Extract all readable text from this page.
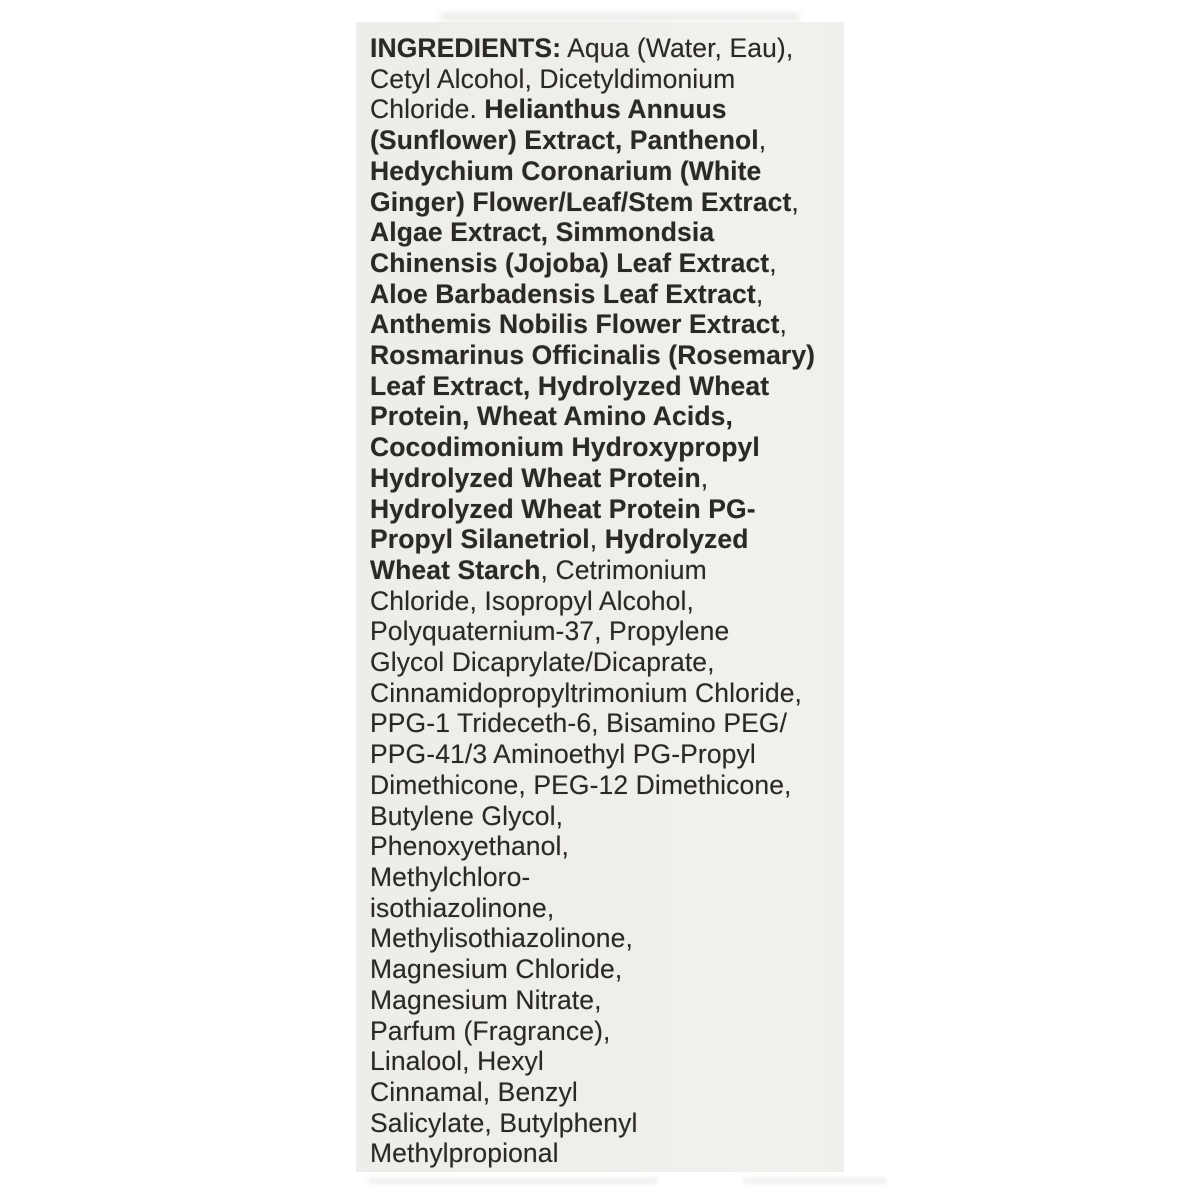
INGREDIENTS: Aqua (Water, Eau),
Cetyl Alcohol, Dicetyldimonium
Chloride. Helianthus Annuus
(Sunflower) Extract, Panthenol,
Hedychium Coronarium (White
Ginger) Flower/Leaf/Stem Extract,
Algae Extract, Simmondsia
Chinensis (Jojoba) Leaf Extract,
Aloe Barbadensis Leaf Extract,
Anthemis Nobilis Flower Extract,
Rosmarinus Officinalis (Rosemary)
Leaf Extract, Hydrolyzed Wheat
Protein, Wheat Amino Acids,
Cocodimonium Hydroxypropyl
Hydrolyzed Wheat Protein,
Hydrolyzed Wheat Protein PG-
Propyl Silanetriol, Hydrolyzed
Wheat Starch, Cetrimonium
Chloride, Isopropyl Alcohol,
Polyquaternium-37, Propylene
Glycol Dicaprylate/Dicaprate,
Cinnamidopropyltrimonium Chloride,
PPG-1 Trideceth-6, Bisamino PEG/
PPG-41/3 Aminoethyl PG-Propyl
Dimethicone, PEG-12 Dimethicone,
Butylene Glycol,
Phenoxyethanol,
Methylchloro-
isothiazolinone,
Methylisothiazolinone,
Magnesium Chloride,
Magnesium Nitrate,
Parfum (Fragrance),
Linalool, Hexyl
Cinnamal, Benzyl
Salicylate, Butylphenyl
Methylpropional
